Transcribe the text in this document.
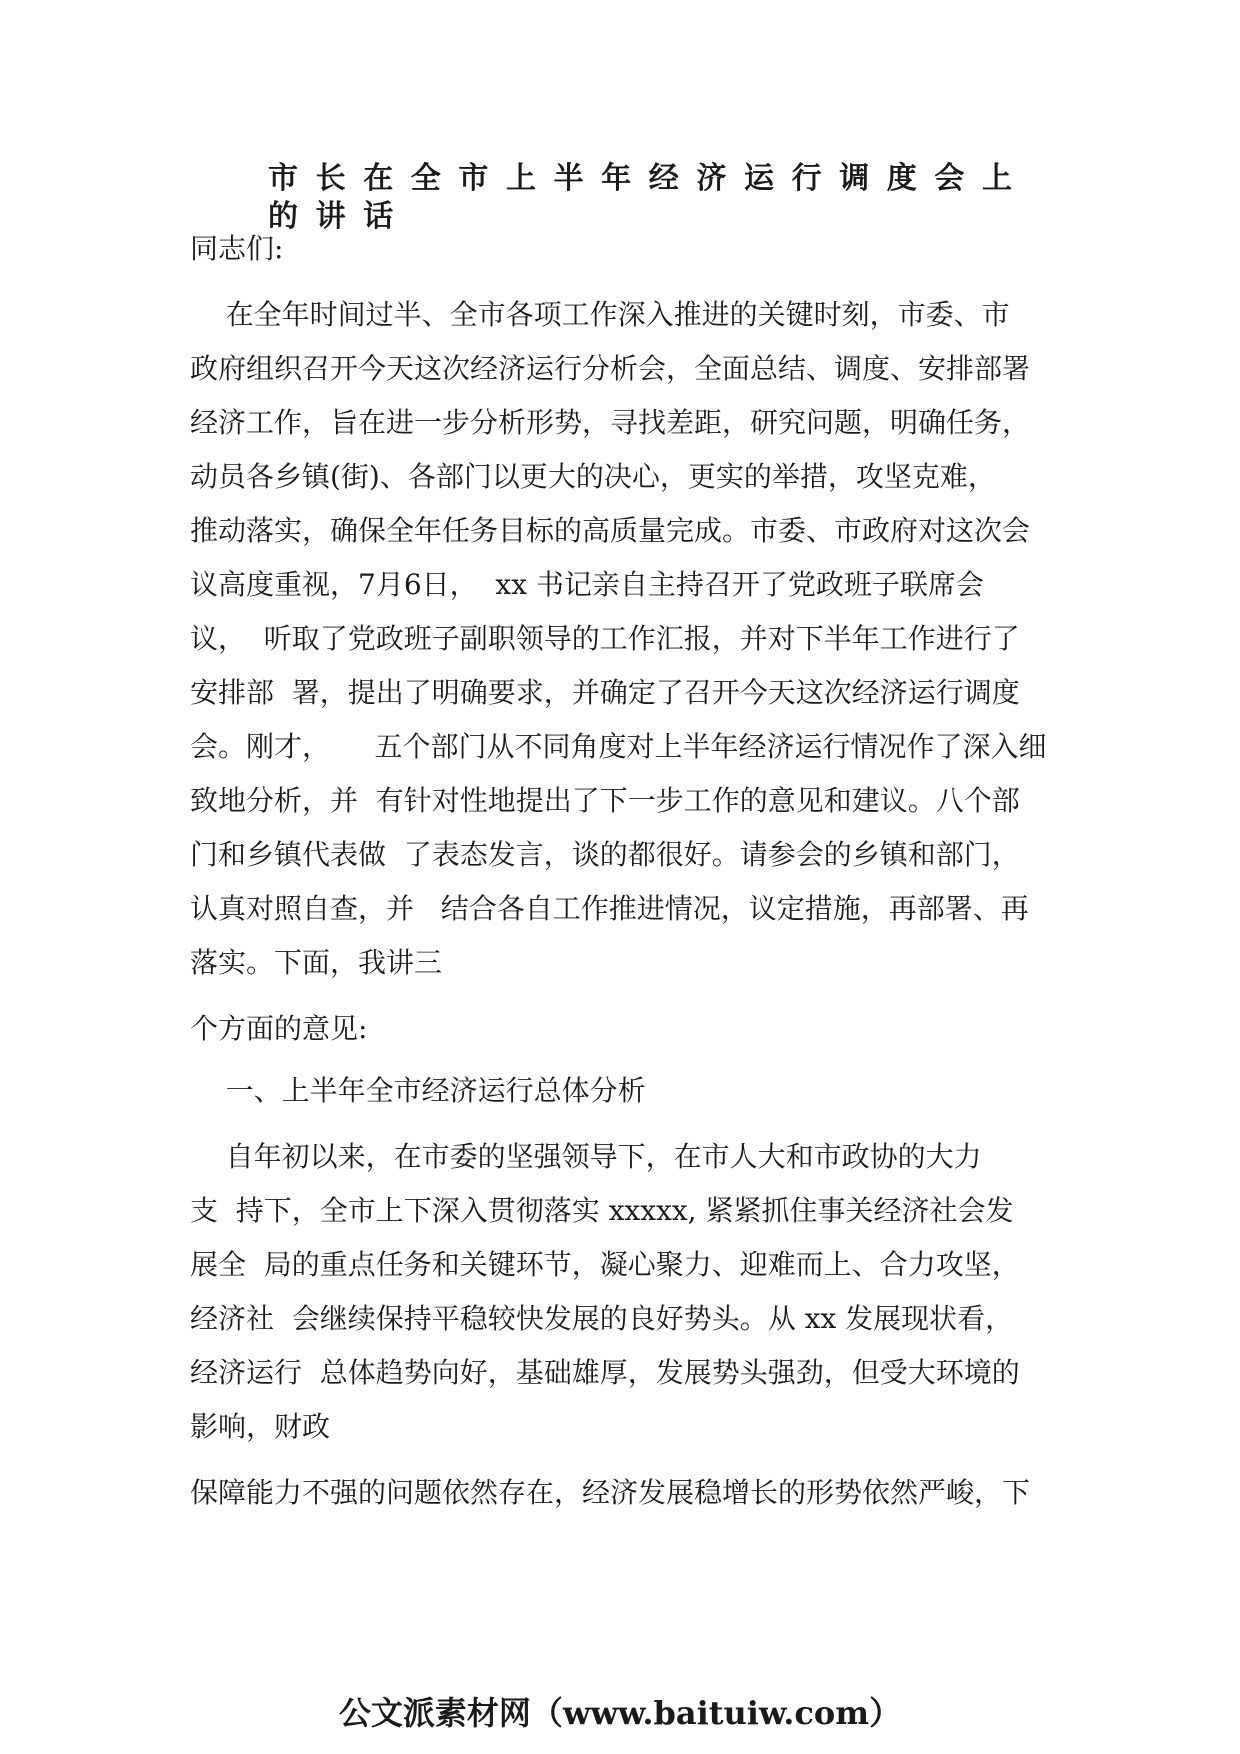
市长在全市上半年经济运行调度会上的讲话
同志们:
在全年时间过半、全市各项工作深入推进的关键时刻，市委、市
政府组织召开今天这次经济运行分析会，全面总结、调度、安排部署
经济工作，旨在进一步分析形势，寻找差距，研究问题，明确任务，
动员各乡镇(街)、各部门以更大的决心，更实的举措，攻坚克难，
推动落实，确保全年任务目标的高质量完成。市委、市政府对这次会
议高度重视，7月6日，  xx 书记亲自主持召开了党政班子联席会
议，  听取了党政班子副职领导的工作汇报，并对下半年工作进行了
安排部  署，提出了明确要求，并确定了召开今天这次经济运行调度
会。刚才，     五个部门从不同角度对上半年经济运行情况作了深入细
致地分析，并  有针对性地提出了下一步工作的意见和建议。八个部
门和乡镇代表做  了表态发言，谈的都很好。请参会的乡镇和部门，
认真对照自查，并   结合各自工作推进情况，议定措施，再部署、再
落实。下面，我讲三
个方面的意见:
一、上半年全市经济运行总体分析
自年初以来，在市委的坚强领导下，在市人大和市政协的大力
支  持下，全市上下深入贯彻落实 xxxxx, 紧紧抓住事关经济社会发
展全  局的重点任务和关键环节，凝心聚力、迎难而上、合力攻坚，
经济社  会继续保持平稳较快发展的良好势头。从 xx 发展现状看，
经济运行  总体趋势向好，基础雄厚，发展势头强劲，但受大环境的
影响，财政
保障能力不强的问题依然存在，经济发展稳增长的形势依然严峻，下
公文派素材网（www.baituiw.com）
